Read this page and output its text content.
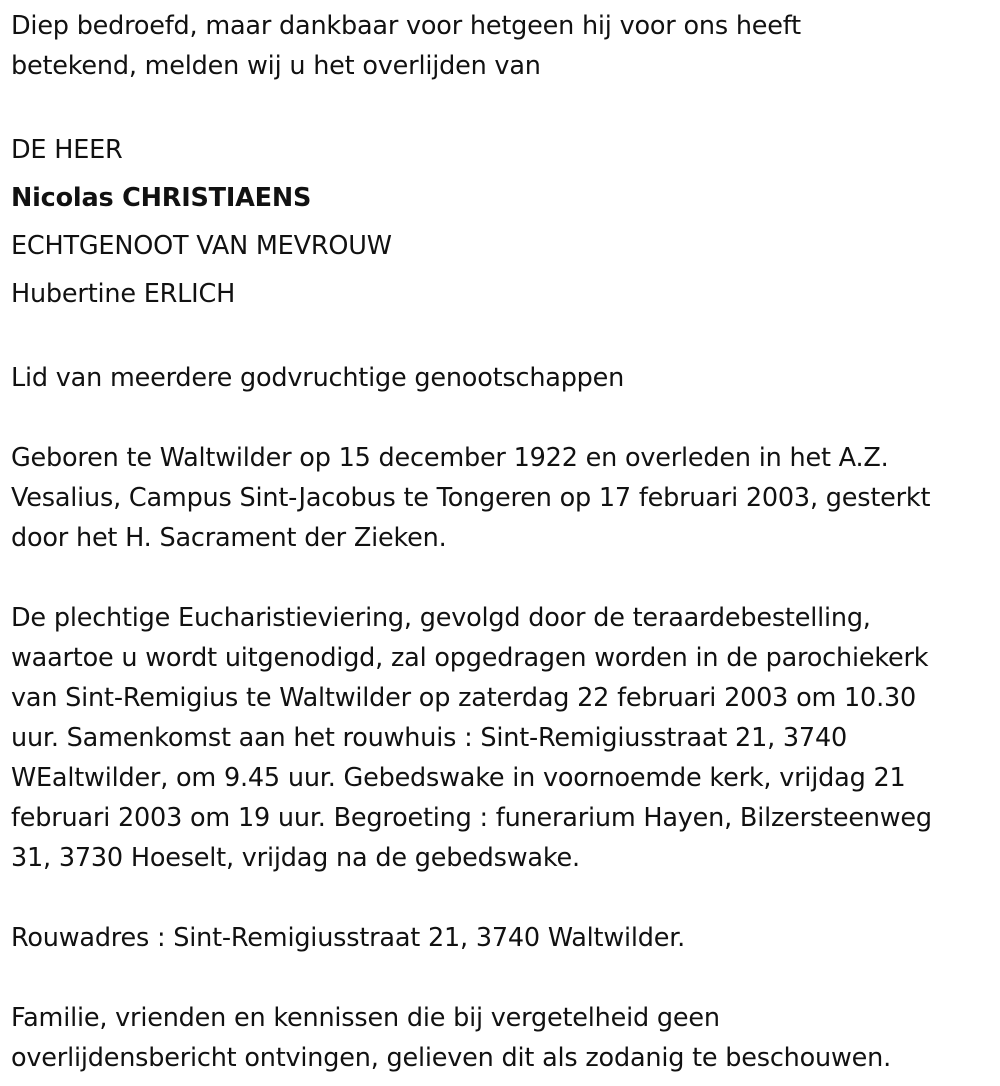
Diep bedroefd, maar dankbaar voor hetgeen hij voor ons heeft
betekend, melden wij u het overlijden van

DE HEER

Nicolas CHRISTIAENS

ECHTGENOOT VAN MEVROUW

Hubertine ERLICH

Lid van meerdere godvruchtige genootschappen

Geboren te Waltwilder op 15 december 1922 en overleden in het A.Z.
Vesalius, Campus Sint-Jacobus te Tongeren op 17 februari 2003, gesterkt
door het H. Sacrament der Zieken.

De plechtige Eucharistieviering, gevolgd door de teraardebestelling,
waartoe u wordt uitgenodigd, zal opgedragen worden in de parochiekerk
van Sint-Remigius te Waltwilder op zaterdag 22 februari 2003 om 10.30
uur. Samenkomst aan het rouwhuis : Sint-Remigiusstraat 21, 3740
WEaltwilder, om 9.45 uur. Gebedswake in voornoemde kerk, vrijdag 21
februari 2003 om 19 uur. Begroeting : funerarium Hayen, Bilzersteenweg
31, 3730 Hoeselt, vrijdag na de gebedswake.

Rouwadres : Sint-Remigiusstraat 21, 3740 Waltwilder.

Familie, vrienden en kennissen die bij vergetelheid geen
overlijdensbericht ontvingen, gelieven dit als zodanig te beschouwen.
